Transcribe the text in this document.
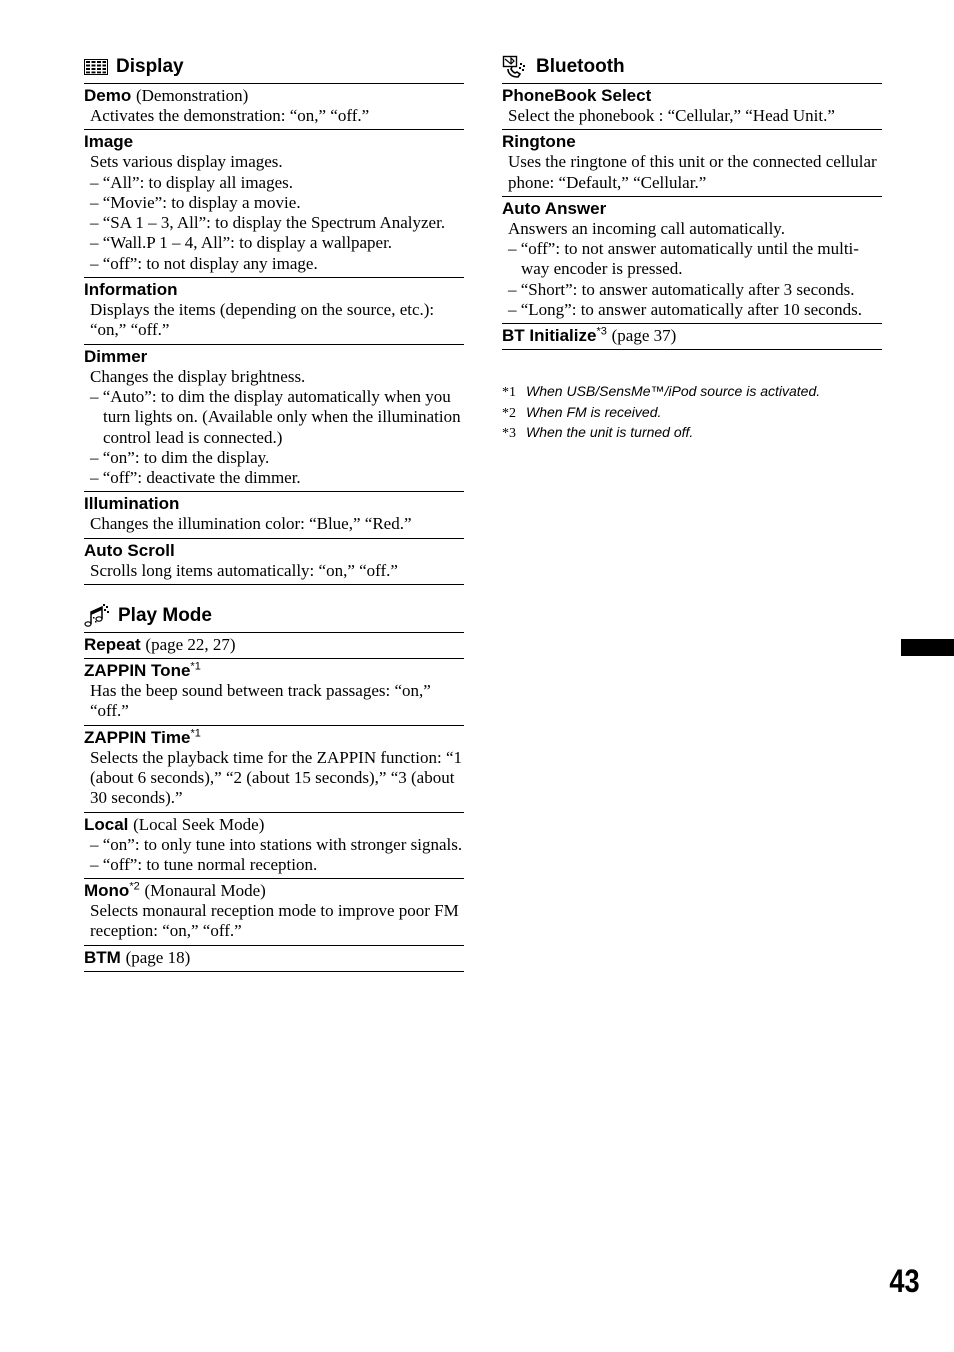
Display
Demo (Demonstration)
Activates the demonstration: “on,” “off.”
Image
Sets various display images.
– “All”: to display all images.
– “Movie”: to display a movie.
– “SA 1 – 3, All”: to display the Spectrum Analyzer.
– “Wall.P 1 – 4, All”: to display a wallpaper.
– “off”: to not display any image.
Information
Displays the items (depending on the source, etc.): “on,” “off.”
Dimmer
Changes the display brightness.
– “Auto”: to dim the display automatically when you turn lights on. (Available only when the illumination control lead is connected.)
– “on”: to dim the display.
– “off”: deactivate the dimmer.
Illumination
Changes the illumination color: “Blue,” “Red.”
Auto Scroll
Scrolls long items automatically: “on,” “off.”
Play Mode
Repeat (page 22, 27)
ZAPPIN Tone$^{*1}$
Has the beep sound between track passages: “on,” “off.”
ZAPPIN Time$^{*1}$
Selects the playback time for the ZAPPIN function: “1 (about 6 seconds),” “2 (about 15 seconds),” “3 (about 30 seconds).”
Local (Local Seek Mode)
– “on”: to only tune into stations with stronger signals.
– “off”: to tune normal reception.
Mono$^{*2}$ (Monaural Mode)
Selects monaural reception mode to improve poor FM reception: “on,” “off.”
BTM (page 18)
Bluetooth
PhoneBook Select
Select the phonebook : “Cellular,” “Head Unit.”
Ringtone
Uses the ringtone of this unit or the connected cellular phone: “Default,” “Cellular.”
Auto Answer
Answers an incoming call automatically.
– “off”: to not answer automatically until the multi-way encoder is pressed.
– “Short”: to answer automatically after 3 seconds.
– “Long”: to answer automatically after 10 seconds.
BT Initialize$^{*3}$ (page 37)
*1 When USB/SensMe™/iPod source is activated.
*2 When FM is received.
*3 When the unit is turned off.
43
